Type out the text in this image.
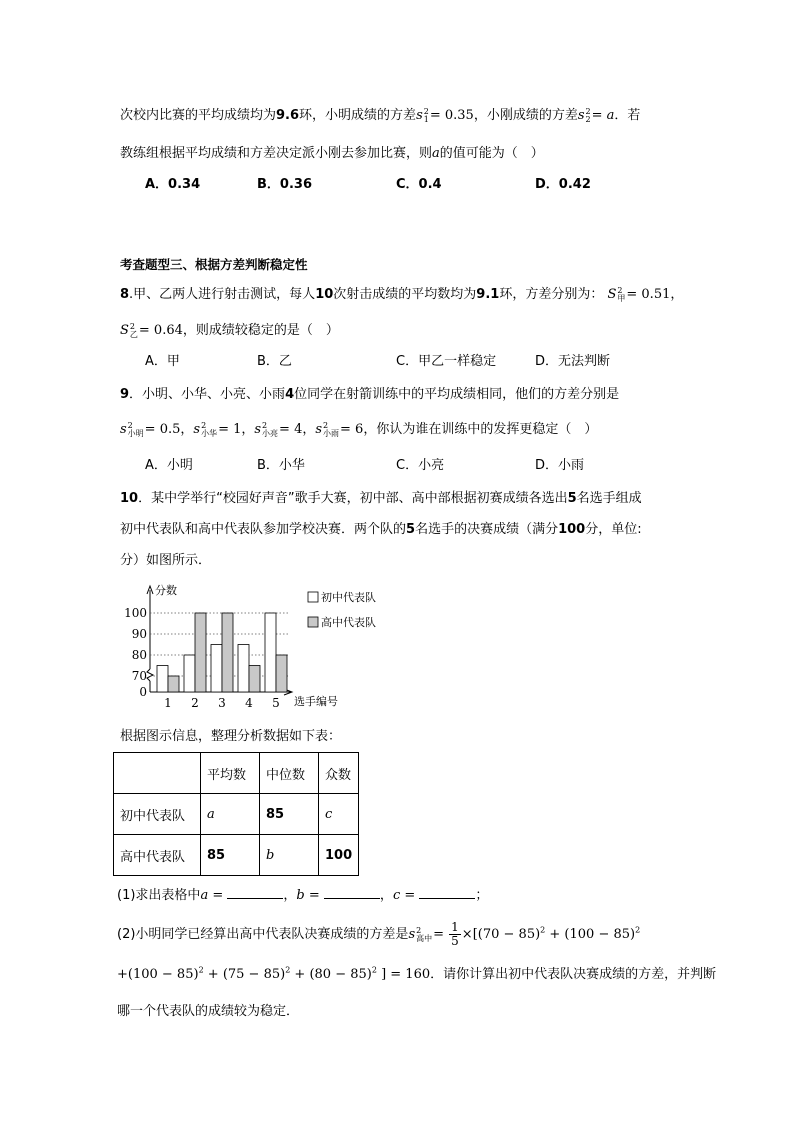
次校内比赛的平均成绩均为9.6环，小明成绩的方差s 2
1 = 0.35，小刚成绩的方差s 2
2 = a．若
教练组根据平均成绩和方差决定派小刚去参加比赛，则a的值可能为（　）
A．0.34	B．0.36	C．0.4	D．0.42
考查题型三、根据方差判断稳定性
8.甲、乙两人进行射击测试，每人10次射击成绩的平均数均为9.1环，方差分别为： S 2
甲 = 0.51，
S 2
乙 = 0.64，则成绩较稳定的是（　）
A．甲	B．乙	C．甲乙一样稳定	D．无法判断
9．小明、小华、小亮、小雨4位同学在射箭训练中的平均成绩相同，他们的方差分别是
s 2
小明 = 0.5，s 2
小华 = 1，s 2
小亮 = 4，s 2
小雨 = 6，你认为谁在训练中的发挥更稳定（　）
A．小明	B．小华	C．小亮	D．小雨
10．某中学举行“校园好声音”歌手大赛，初中部、高中部根据初赛成绩各选出5名选手组成
初中代表队和高中代表队参加学校决赛．两个队的5名选手的决赛成绩（满分100分，单位:
分）如图所示．
0
70
80
90
100
1 2 3 4 5
分数
选手编号
初中代表队
高中代表队
根据图示信息，整理分析数据如下表：
	平均数	中位数	众数
初中代表队	a	85	c
高中代表队	85	b	100
(1)求出表格中a =	，b =	，c =	；
(2)小明同学已经算出高中代表队决赛成绩的方差是s 2
高中 = $\frac{1}{5} \times[(70 - 85)^2 + (100 - 85)^2$
$+(100 - 85)^2 + (75 - 85)^2 + (80 - 85)^2$ ] = 160．请你计算出初中代表队决赛成绩的方差，并判断
哪一个代表队的成绩较为稳定．
